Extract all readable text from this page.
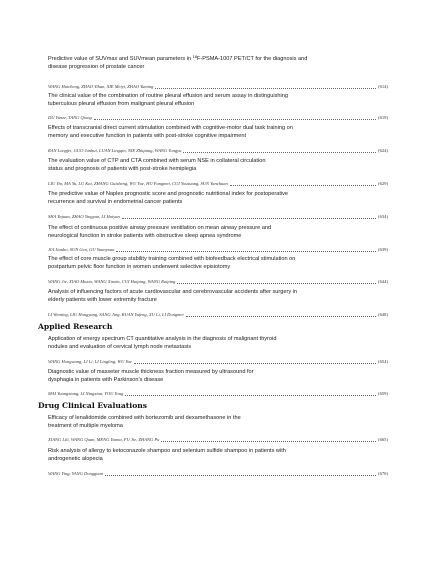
Predictive value of SUVmax and SUVmean parameters in $^{18}$F-PSMA-1007 PET/CT for the diagnosis and
disease progression of prostate cancer
WANG Haicheng, ZHAO Yihan, XIE Meiyi, ZHAO Yuming	(614)
The clinical value of the combination of routine pleural effusion and serum assay in distinguishing
tuberculous pleural effusion from malignant pleural effusion
DU Yunze, TANG Qiong	(619)
Effects of transcranial direct current stimulation combined with cognitive-motor dual task training on
memory and executive function in patients with post-stroke cognitive impairment
RAN Longfei, GUO Junhui, LUAN Lingqin, NIE Zhiqiang, WANG Tongyu	(624)
The evaluation value of CTP and CTA combined with serum NSE in collateral circulation
status and prognosis of patients with post-stroke hemiplegia
LIU Yin, MA Yu, LU Kai, ZHANG Guisheng, WU Yue, HU Fangmei, CUI Yousuang, SUN Yanchuan	(629)
The predictive value of Naples prognostic score and prognostic nutritional index for postoperative
recurrence and survival in endometrial cancer patients
SHA Yajuan, ZHAO Yingyan, LI Haiyan	(634)
The effect of continuous positive airway pressure ventilation on mean airway pressure and
neurological function in stroke patients with obstructive sleep apnea syndrome
JIA Jianbo, SUN Gen, GU Yuanyuan	(639)
The effect of core muscle group stability training combined with biofeedback electrical stimulation on
postpartum pelvic floor function in women underwent selective episiotomy
WANG Jie, XIAO Muxia, WANG Xinxin, CUI Huiping, WANG Ruiping	(644)
Analysis of influencing factors of acute cardiovascular and cerebrovascular accidents after surgery in
elderly patients with lower extremity fracture
LI Wenting, LIU Hongyang, SANG Jing, RUAN Yufeng, XU Li, LI Dongmei	(648)
Applied Research
Application of energy spectrum CT quantitative analysis in the diagnosis of malignant thyroid
nodules and evaluation of cervical lymph node metastasis
WANG Hongwang, LI Li, LI Lingling, WU Yue	(654)
Diagnostic value of masseter muscle thickness fraction measured by ultrasound for
dysphagia in patients with Parkinson’s disease
MAI Yuangxiang, LI Ningxian, YOU Yong	(659)
Drug Clinical Evaluations
Efficacy of lenalidomide combined with bortezomib and dexamethasone in the
treatment of multiple myeloma
XIANG Lili, WANG Quan, MENG Yanna, FU Jie, ZHANG Pu	(665)
Risk analysis of allergy to ketoconazole shampoo and selenium sulfide shampoo in patients with
androgenetic alopecia
WANG Ying, YANG Dongguan	(670)
